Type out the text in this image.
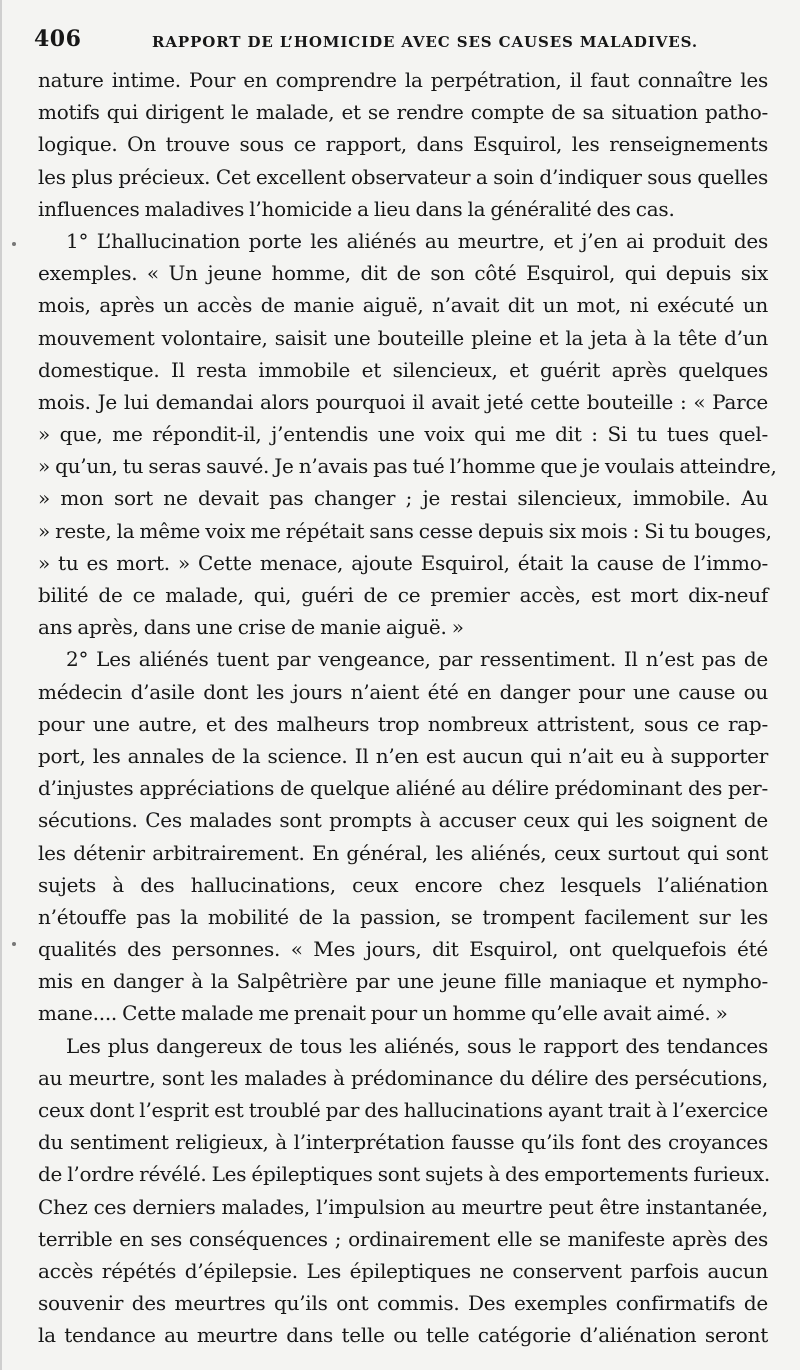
406	RAPPORT DE L’HOMICIDE AVEC SES CAUSES MALADIVES.
nature intime. Pour en comprendre la perpétration, il faut connaître les
motifs qui dirigent le malade, et se rendre compte de sa situation patho-
logique. On trouve sous ce rapport, dans Esquirol, les renseignements
les plus précieux. Cet excellent observateur a soin d’indiquer sous quelles
influences maladives l’homicide a lieu dans la généralité des cas.
1° L’hallucination porte les aliénés au meurtre, et j’en ai produit des
exemples. « Un jeune homme, dit de son côté Esquirol, qui depuis six
mois, après un accès de manie aiguë, n’avait dit un mot, ni exécuté un
mouvement volontaire, saisit une bouteille pleine et la jeta à la tête d’un
domestique. Il resta immobile et silencieux, et guérit après quelques
mois. Je lui demandai alors pourquoi il avait jeté cette bouteille : « Parce
» que, me répondit-il, j’entendis une voix qui me dit : Si tu tues quel-
» qu’un, tu seras sauvé. Je n’avais pas tué l’homme que je voulais atteindre,
» mon sort ne devait pas changer ; je restai silencieux, immobile. Au
» reste, la même voix me répétait sans cesse depuis six mois : Si tu bouges,
» tu es mort. » Cette menace, ajoute Esquirol, était la cause de l’immo-
bilité de ce malade, qui, guéri de ce premier accès, est mort dix-neuf
ans après, dans une crise de manie aiguë. »
2° Les aliénés tuent par vengeance, par ressentiment. Il n’est pas de
médecin d’asile dont les jours n’aient été en danger pour une cause ou
pour une autre, et des malheurs trop nombreux attristent, sous ce rap-
port, les annales de la science. Il n’en est aucun qui n’ait eu à supporter
d’injustes appréciations de quelque aliéné au délire prédominant des per-
sécutions. Ces malades sont prompts à accuser ceux qui les soignent de
les détenir arbitrairement. En général, les aliénés, ceux surtout qui sont
sujets à des hallucinations, ceux encore chez lesquels l’aliénation
n’étouffe pas la mobilité de la passion, se trompent facilement sur les
qualités des personnes. « Mes jours, dit Esquirol, ont quelquefois été
mis en danger à la Salpêtrière par une jeune fille maniaque et nympho-
mane.... Cette malade me prenait pour un homme qu’elle avait aimé. »
Les plus dangereux de tous les aliénés, sous le rapport des tendances
au meurtre, sont les malades à prédominance du délire des persécutions,
ceux dont l’esprit est troublé par des hallucinations ayant trait à l’exercice
du sentiment religieux, à l’interprétation fausse qu’ils font des croyances
de l’ordre révélé. Les épileptiques sont sujets à des emportements furieux.
Chez ces derniers malades, l’impulsion au meurtre peut être instantanée,
terrible en ses conséquences ; ordinairement elle se manifeste après des
accès répétés d’épilepsie. Les épileptiques ne conservent parfois aucun
souvenir des meurtres qu’ils ont commis. Des exemples confirmatifs de
la tendance au meurtre dans telle ou telle catégorie d’aliénation seront
